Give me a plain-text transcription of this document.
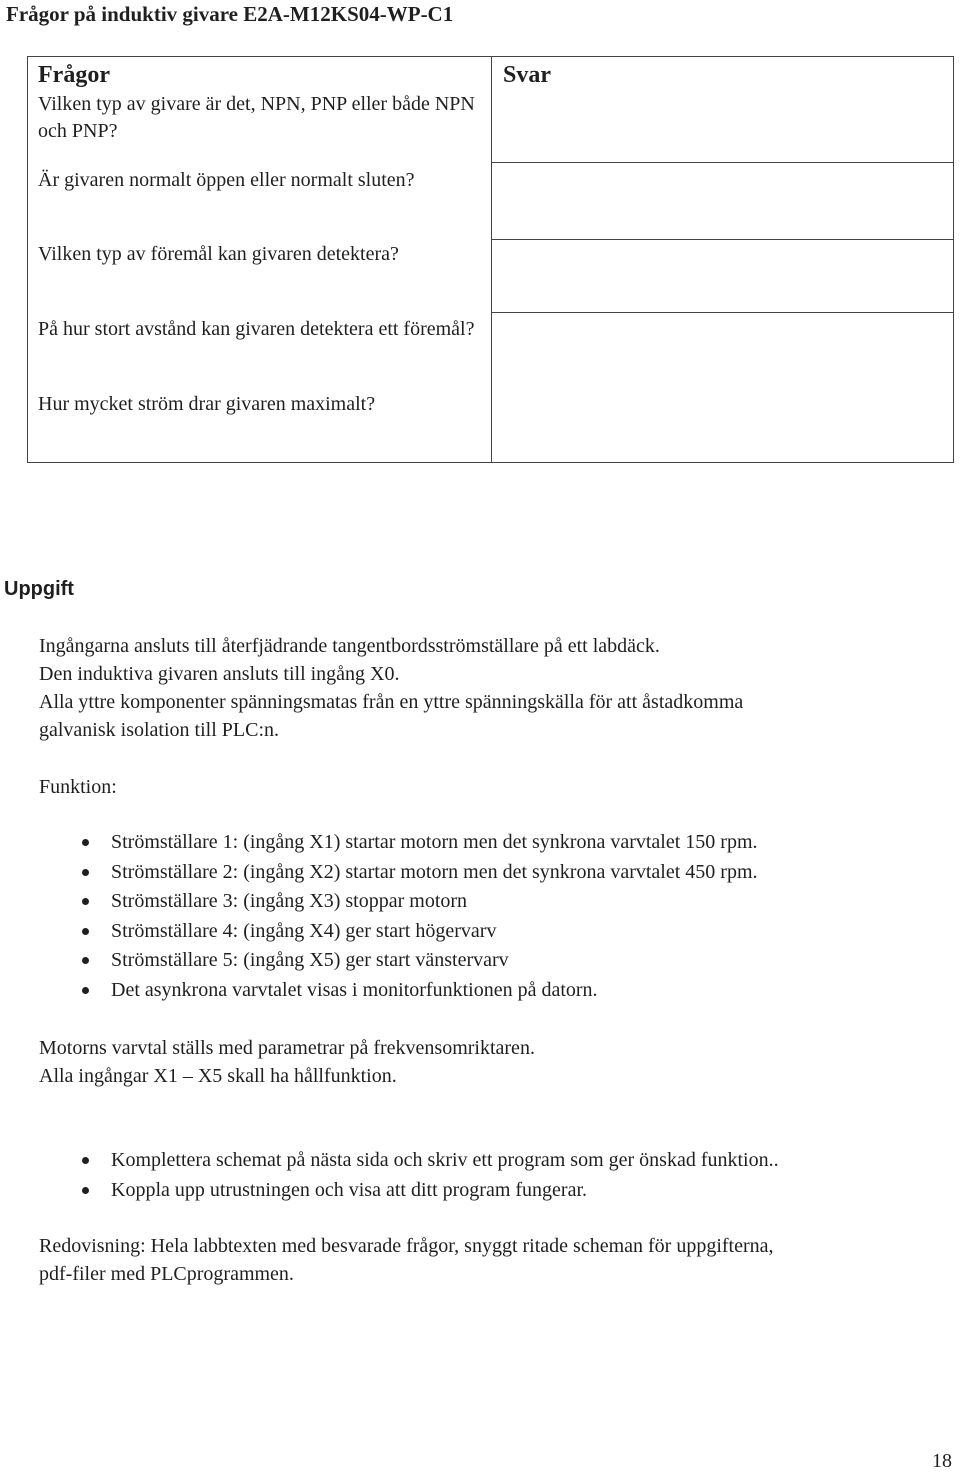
Frågor på induktiv givare E2A-M12KS04-WP-C1
Frågor	Svar
Vilken typ av givare är det, NPN, PNP eller både NPN och PNP?
Är givaren normalt öppen eller normalt sluten?
Vilken typ av föremål kan givaren detektera?
På hur stort avstånd kan givaren detektera ett föremål?
Hur mycket ström drar givaren maximalt?
Uppgift
Ingångarna ansluts till återfjädrande tangentbordsströmställare på ett labdäck.
Den induktiva givaren ansluts till ingång X0.
Alla yttre komponenter spänningsmatas från en yttre spänningskälla för att åstadkomma
galvanisk isolation till PLC:n.
Funktion:
Strömställare 1: (ingång X1) startar motorn men det synkrona varvtalet 150 rpm.
Strömställare 2: (ingång X2) startar motorn men det synkrona varvtalet 450 rpm.
Strömställare 3: (ingång X3) stoppar motorn
Strömställare 4: (ingång X4) ger start högervarv
Strömställare 5: (ingång X5) ger start vänstervarv
Det asynkrona varvtalet visas i monitorfunktionen på datorn.
Motorns varvtal ställs med parametrar på frekvensomriktaren.
Alla ingångar X1 – X5 skall ha hållfunktion.
Komplettera schemat på nästa sida och skriv ett program som ger önskad funktion..
Koppla upp utrustningen och visa att ditt program fungerar.
Redovisning: Hela labbtexten med besvarade frågor, snyggt ritade scheman för uppgifterna,
pdf-filer med PLCprogrammen.
18
